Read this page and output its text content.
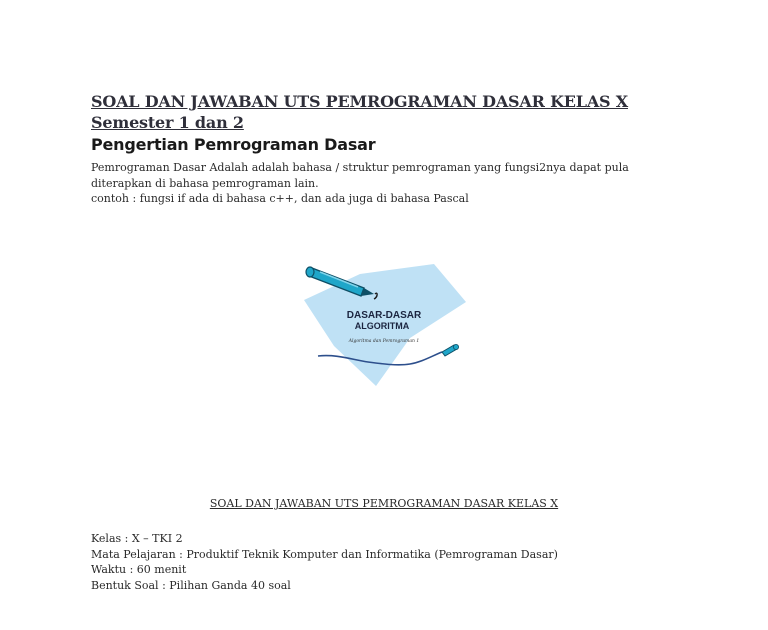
SOAL DAN JAWABAN UTS PEMROGRAMAN DASAR KELAS X Semester 1 dan 2
Pengertian Pemrograman Dasar

Pemrograman Dasar Adalah adalah bahasa / struktur pemrograman yang fungsi2nya dapat pula

diterapkan di bahasa pemrograman lain.

contoh : fungsi if ada di bahasa c++, dan ada juga di bahasa Pascal

DASAR-DASAR
ALGORITMA
Algoritma dan Pemrograman 1
SOAL DAN JAWABAN UTS PEMROGRAMAN DASAR KELAS X
Kelas : X – TKI 2
Mata Pelajaran : Produktif Teknik Komputer dan Informatika (Pemrograman Dasar)
Waktu : 60 menit
Bentuk Soal : Pilihan Ganda 40 soal
